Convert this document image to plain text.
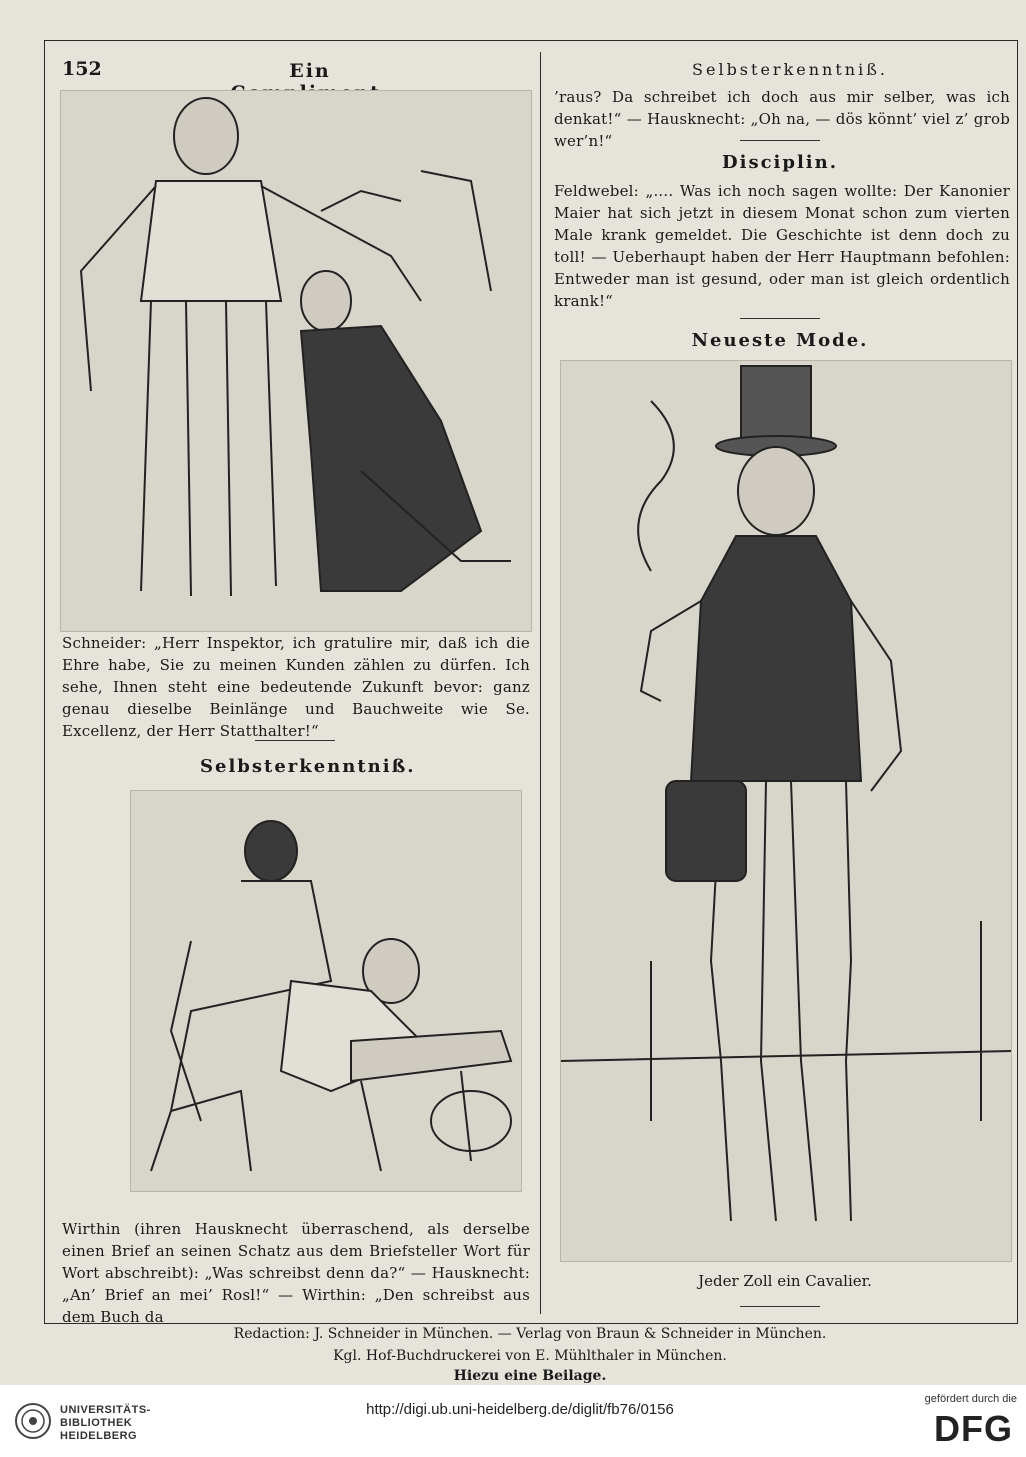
152	Ein
Schneider: „Herr Inspektor, ich gratulire mir, daß ich die Ehre habe, Sie zu meinen Kunden zählen zu dürfen. Ich sehe, Ihnen steht eine bedeutende Zukunft bevor: ganz genau dieselbe Beinlänge und Bauchweite wie Se. Excellenz, der Herr Statthalter!“
Selbsterkenntniß.
Wirthin (ihren Hausknecht überraschend, als derselbe einen Brief an seinen Schatz aus dem Briefsteller Wort für Wort abschreibt): „Was schreibst denn da?“ — Hausknecht: „An’ Brief an mei’ Rosl!“ — Wirthin: „Den schreibst aus dem Buch da
Selbsterkenntniß.
’raus? Da schreibet ich doch aus mir selber, was ich denkat!“ — Hausknecht: „Oh na, — dös könnt’ viel z’ grob wer’n!“
Disciplin.
Feldwebel: „.... Was ich noch sagen wollte: Der Kanonier Maier hat sich jetzt in diesem Monat schon zum vierten Male krank gemeldet. Die Geschichte ist denn doch zu toll! — Ueberhaupt haben der Herr Hauptmann befohlen: Entweder man ist gesund, oder man ist gleich ordentlich krank!“
Neueste Mode.
Jeder Zoll ein Cavalier.
Redaction: J. Schneider in München. — Verlag von Braun & Schneider in München.
Kgl. Hof-Buchdruckerei von E. Mühlthaler in München.
Hiezu eine Beilage.
UNIVERSITÄTS-
BIBLIOTHEK
HEIDELBERG
http://digi.ub.uni-heidelberg.de/diglit/fb76/0156
gefördert durch die
DFG
